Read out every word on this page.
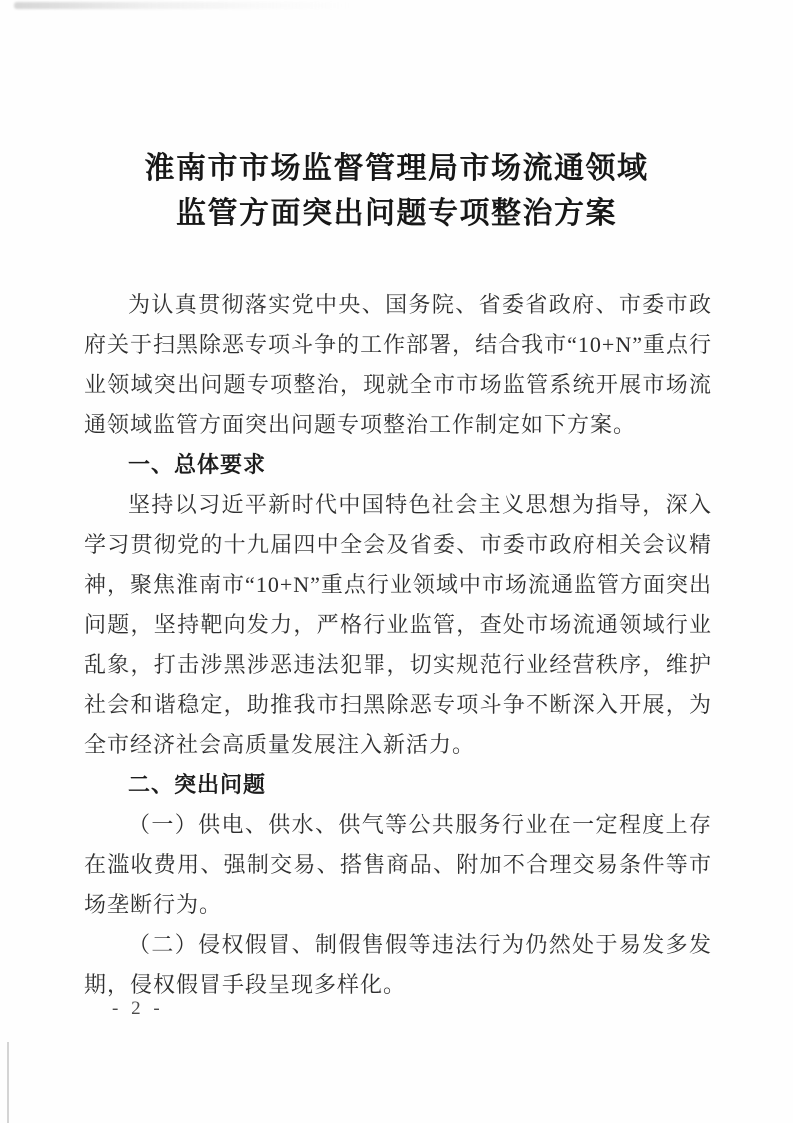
淮南市市场监督管理局市场流通领域
监管方面突出问题专项整治方案

为认真贯彻落实党中央、国务院、省委省政府、市委市政府关于扫黑除恶专项斗争的工作部署，结合我市“10+N”重点行业领域突出问题专项整治，现就全市市场监管系统开展市场流通领域监管方面突出问题专项整治工作制定如下方案。

一、总体要求

坚持以习近平新时代中国特色社会主义思想为指导，深入学习贯彻党的十九届四中全会及省委、市委市政府相关会议精神，聚焦淮南市“10+N”重点行业领域中市场流通监管方面突出问题，坚持靶向发力，严格行业监管，查处市场流通领域行业乱象，打击涉黑涉恶违法犯罪，切实规范行业经营秩序，维护社会和谐稳定，助推我市扫黑除恶专项斗争不断深入开展，为全市经济社会高质量发展注入新活力。

二、突出问题

（一）供电、供水、供气等公共服务行业在一定程度上存在滥收费用、强制交易、搭售商品、附加不合理交易条件等市场垄断行为。

（二）侵权假冒、制假售假等违法行为仍然处于易发多发期，侵权假冒手段呈现多样化。

- 2 -
